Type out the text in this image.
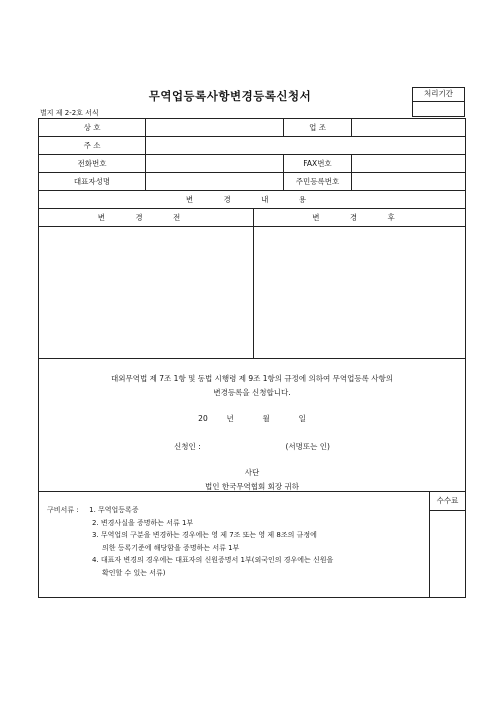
무역업등록사항변경등록신청서	처리기간
별지 제 2-2호 서식
상 호	업 조
주 소
전화번호	FAX번호
대표자성명	주민등록번호
변 경 내 용
변 경 전	변 경 후
대외무역법 제 7조 1항 및 동법 시행령 제 9조 1항의 규정에 의하여 무역업등록 사항의
변경등록을 신청합니다.
20	년	월	일
신청인 :	(서명또는 인)
사단
법인 한국무역협회 회장 귀하
구비서류 : 1. 무역업등록증
2. 변경사실을 증명하는 서류 1부
3. 무역업의 구분을 변경하는 경우에는 영 제 7조 또는 영 제 8조의 규정에
의한 등록기준에 해당함을 증명하는 서류 1부
4. 대표자 변경의 경우에는 대표자의 신원증명서 1부(외국인의 경우에는 신원을
확인할 수 있는 서류)
수수료
